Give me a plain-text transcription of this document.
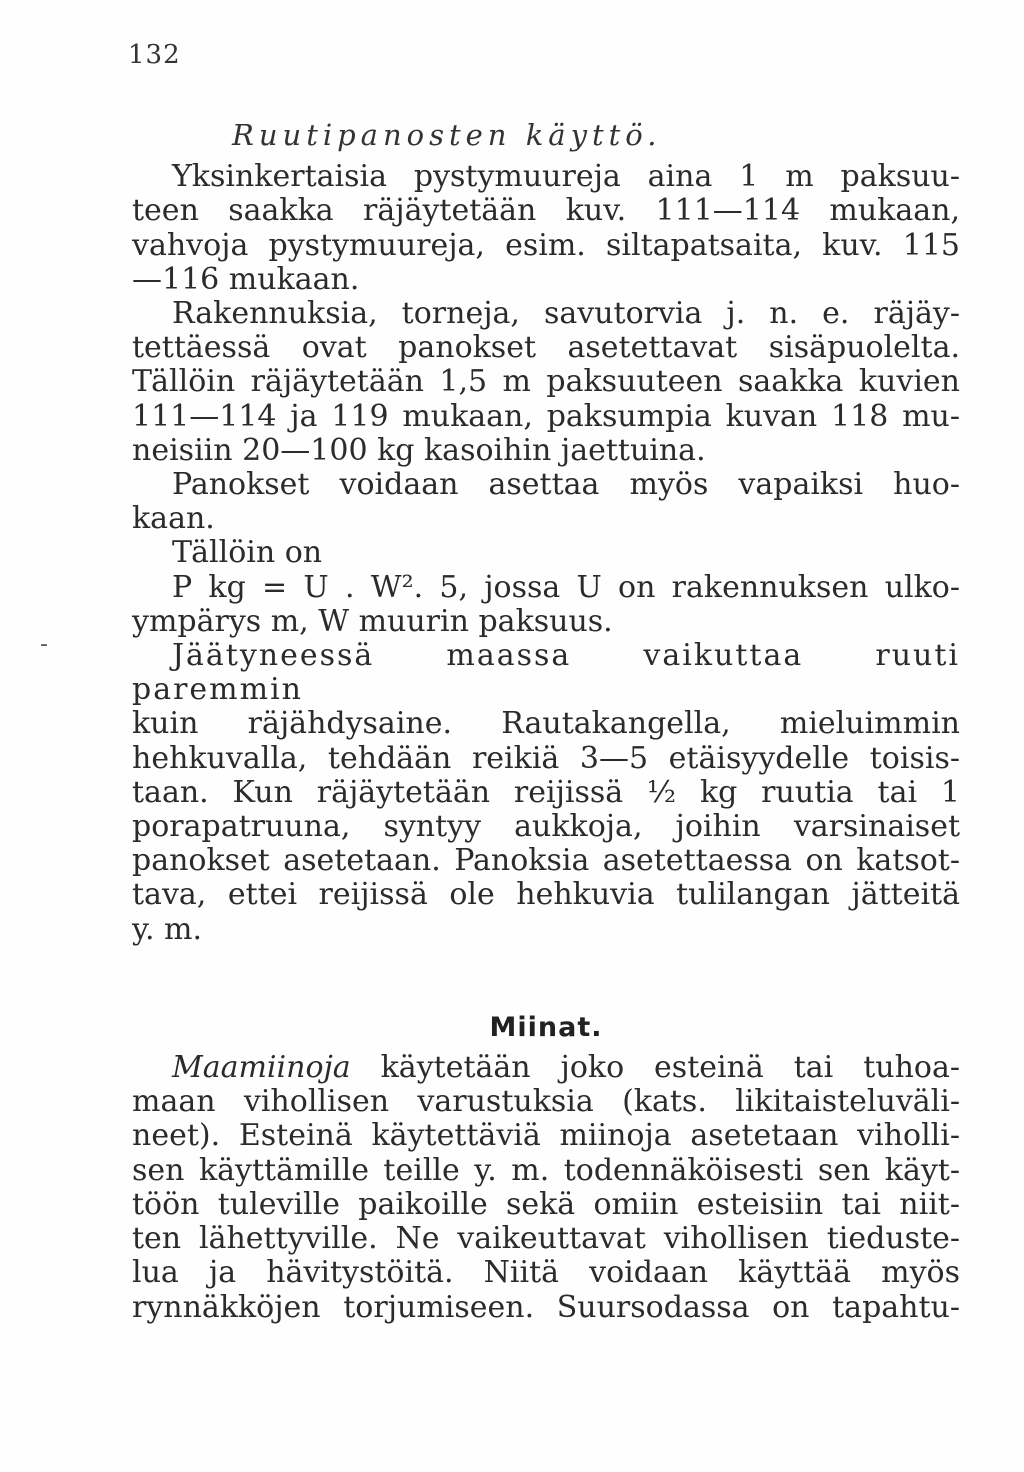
132
-
Ruutipanosten käyttö.

Yksinkertaisia pystymuureja aina 1 m paksuu-
teen saakka räjäytetään kuv. 111—114 mukaan,
vahvoja pystymuureja, esim. siltapatsaita, kuv. 115
—116 mukaan.

Rakennuksia, torneja, savutorvia j. n. e. räjäy-
tettäessä ovat panokset asetettavat sisäpuolelta.
Tällöin räjäytetään 1,5 m paksuuteen saakka kuvien
111—114 ja 119 mukaan, paksumpia kuvan 118 mu-
neisiin 20—100 kg kasoihin jaettuina.

Panokset voidaan asettaa myös vapaiksi huo-
kaan.

Tällöin on

P kg = U . W². 5, jossa U on rakennuksen ulko-
ympärys m, W muurin paksuus.

Jäätyneessä maassa vaikuttaa ruuti paremmin
kuin räjähdysaine. Rautakangella, mieluimmin
hehkuvalla, tehdään reikiä 3—5 etäisyydelle toisis-
taan. Kun räjäytetään reijissä ½ kg ruutia tai 1
porapatruuna, syntyy aukkoja, joihin varsinaiset
panokset asetetaan. Panoksia asetettaessa on katsot-
tava, ettei reijissä ole hehkuvia tulilangan jätteitä
y. m.

Miinat.

Maamiinoja käytetään joko esteinä tai tuhoa-
maan vihollisen varustuksia (kats. likitaisteluväli-
neet). Esteinä käytettäviä miinoja asetetaan viholli-
sen käyttämille teille y. m. todennäköisesti sen käyt-
töön tuleville paikoille sekä omiin esteisiin tai niit-
ten lähettyville. Ne vaikeuttavat vihollisen tieduste-
lua ja hävitystöitä. Niitä voidaan käyttää myös
rynnäkköjen torjumiseen. Suursodassa on tapahtu-
